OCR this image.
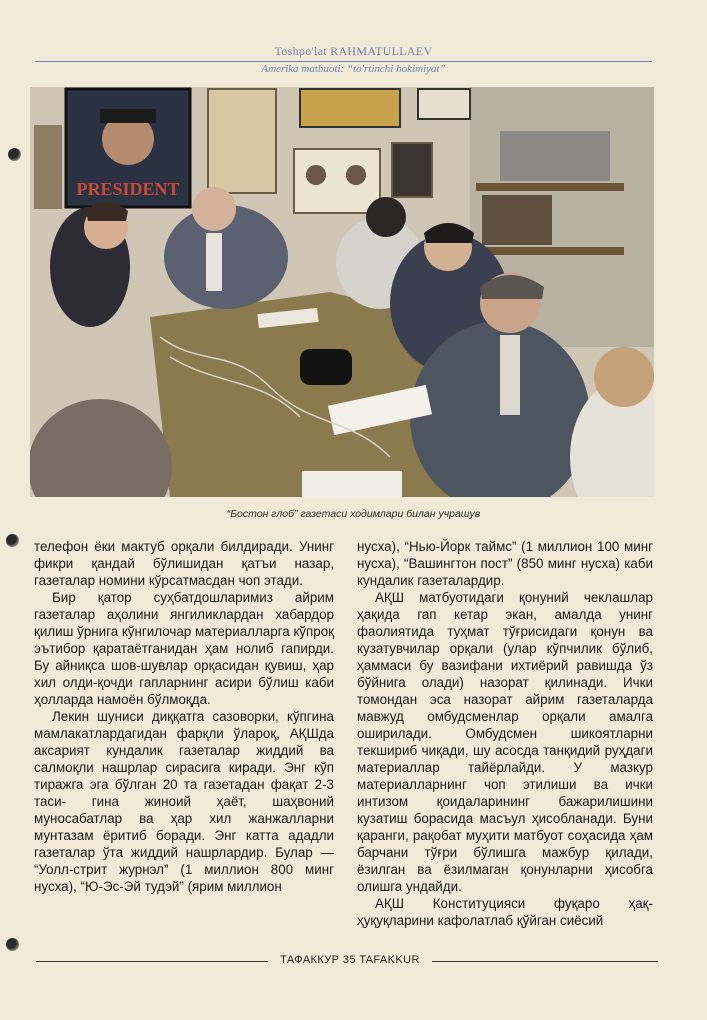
Toshpo'lat RAHMATULLAEV
Amerika matbuoti: “to'rtinchi hokimiyat”
PRESIDENT
“Бостон глоб” газетаси ходимлари билан учрашув

телефон ёки мактуб орқали билдиради. Унинг фикри қандай бўлишидан қатъи назар, газеталар номини кўрсатмасдан чоп этади.

Бир қатор суҳбатдошларимиз айрим газеталар аҳолини янгиликлардан хабардор қилиш ўрнига кўнгилочар материалларга кўпроқ эътибор қаратаётганидан ҳам нолиб гапирди. Бу айниқса шов-шувлар орқасидан қувиш, ҳар хил олди-қочди гапларнинг асири бўлиш каби ҳолларда намоён бўлмоқда.

Лекин шуниси диққатга сазоворки, кўпгина мамлакатлардагидан фарқли ўлароқ, АҚШда аксарият кундалик газеталар жиддий ва салмоқли нашрлар сирасига киради. Энг кўп тиражга эга бўлган 20 та газетадан фақат 2-3 таси- гина жиноий ҳаёт, шаҳвоний муносабатлар ва ҳар хил жанжалларни мунтазам ёритиб боради. Энг катта ададли газеталар ўта жиддий нашрлардир. Булар — “Уолл-стрит журнэл” (1 миллион 800 минг нусха), “Ю-Эс-Эй тудэй” (ярим миллион

нусха), “Нью-Йорк таймс” (1 миллион 100 минг нусха), “Вашингтон пост” (850 минг нусха) каби кундалик газеталардир.

АҚШ матбуотидаги қонуний чеклашлар ҳақида гап кетар экан, амалда унинг фаолиятида туҳмат тўғрисидаги қонун ва кузатувчилар орқали (улар кўпчилик бўлиб, ҳаммаси бу вазифани ихтиёрий равишда ўз бўйнига олади) назорат қилинади. Ички томондан эса назорат айрим газеталарда мавжуд омбудсменлар орқали амалга оширилади. Омбудсмен шикоятларни текшириб чиқади, шу асосда танқидий руҳдаги материаллар тайёрлайди. У мазкур материалларнинг чоп этилиши ва ички интизом қоидаларининг бажарилишини кузатиш борасида масъул ҳисобланади. Буни қаранги, рақобат муҳити матбуот соҳасида ҳам барчани тўғри бўлишга мажбур қилади, ёзилган ва ёзилмаган қонунларни ҳисобга олишга ундайди.

АҚШ Конституцияси фуқаро ҳақ-ҳуқуқларини кафолатлаб қўйган сиёсий

ТАФАККУР 35 TAFAKKUR
